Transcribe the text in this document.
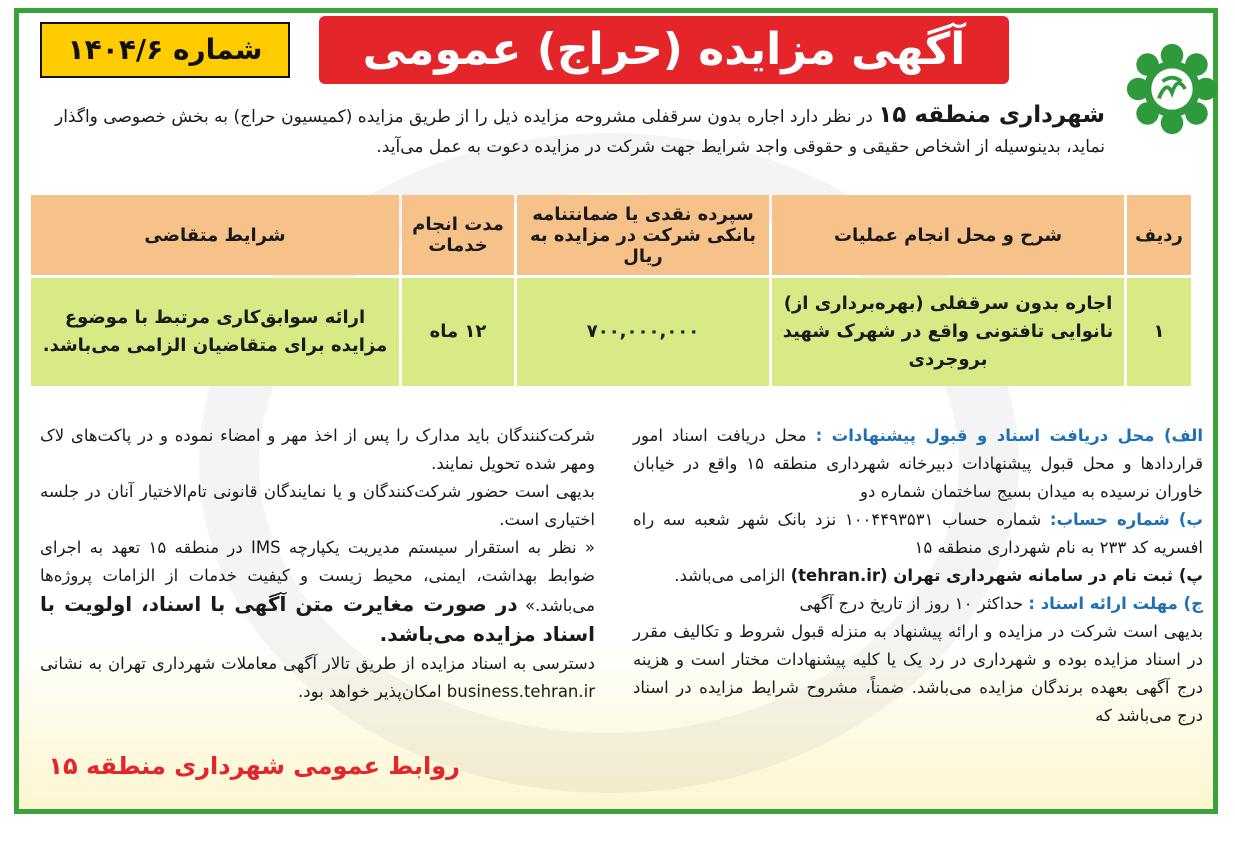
آگهی مزایده (حراج) عمومی
شماره ۱۴۰۴/۶
شهرداری منطقه ۱۵ در نظر دارد اجاره بدون سرقفلی مشروحه مزایده ذیل را از طریق مزایده (کمیسیون حراج) به بخش خصوصی واگذار نماید، بدینوسیله از اشخاص حقیقی و حقوقی واجد شرایط جهت شرکت در مزایده دعوت به عمل می‌آید.
ردیف	شرح و محل انجام عملیات	سپرده نقدی یا ضمانتنامه بانکی شرکت در مزایده به ریال	مدت انجام خدمات	شرایط متقاضی
۱	اجاره بدون سرقفلی (بهره‌برداری از) نانوایی تافتونی واقع در شهرک شهید بروجردی	۷۰۰,۰۰۰,۰۰۰	۱۲ ماه	ارائه سوابق‌کاری مرتبط با موضوع مزایده برای متقاضیان الزامی می‌باشد.

الف) محل دریافت اسناد و قبول پیشنهادات : محل دریافت اسناد امور قراردادها و محل قبول پیشنهادات دبیرخانه شهرداری منطقه ۱۵ واقع در خیابان خاوران نرسیده به میدان بسیج ساختمان شماره دو

ب) شماره حساب: شماره حساب ۱۰۰۴۴۹۳۵۳۱ نزد بانک شهر شعبه سه راه افسریه کد ۲۳۳ به نام شهرداری منطقه ۱۵

پ) ثبت نام در سامانه شهرداری تهران (tehran.ir) الزامی می‌باشد.

ج) مهلت ارائه اسناد : حداکثر ۱۰ روز از تاریخ درج آگهی

بدیهی است شرکت در مزایده و ارائه پیشنهاد به منزله قبول شروط و تکالیف مقرر در اسناد مزایده بوده و شهرداری در رد یک یا کلیه پیشنهادات مختار است و هزینه درج آگهی بعهده برندگان مزایده می‌باشد. ضمناً، مشروح شرایط مزایده در اسناد درج می‌باشد که

شرکت‌کنندگان باید مدارک را پس از اخذ مهر و امضاء نموده و در پاکت‌های لاک ومهر شده تحویل نمایند.

بدیهی است حضور شرکت‌کنندگان و یا نمایندگان قانونی تام‌الاختیار آنان در جلسه اختیاری است.

« نظر به استقرار سیستم مدیریت یکپارچه IMS در منطقه ۱۵ تعهد به اجرای ضوابط بهداشت، ایمنی، محیط زیست و کیفیت خدمات از الزامات پروژه‌ها می‌باشد.» در صورت مغایرت متن آگهی با اسناد، اولویت با اسناد مزایده می‌باشد.

دسترسی به اسناد مزایده از طریق تالار آگهی معاملات شهرداری تهران به نشانی business.tehran.ir امکان‌پذیر خواهد بود.

روابط عمومی شهرداری منطقه ۱۵
